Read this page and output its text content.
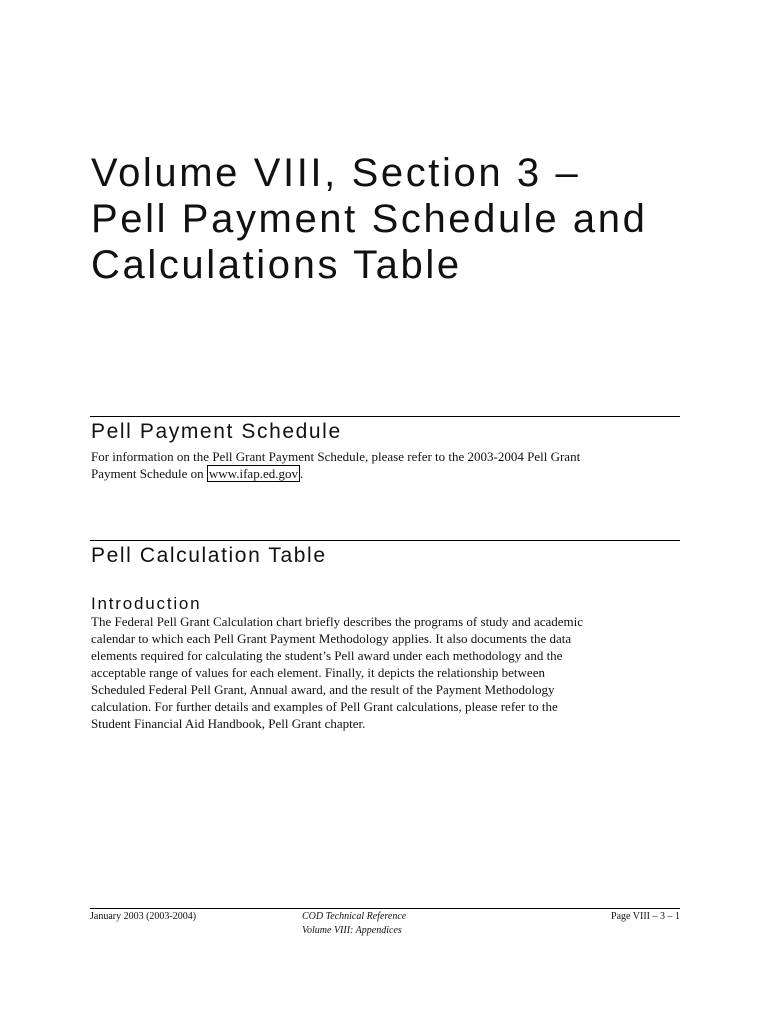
Volume VIII, Section 3 –
Pell Payment Schedule and
Calculations Table
Pell Payment Schedule

For information on the Pell Grant Payment Schedule, please refer to the 2003-2004 Pell Grant
Payment Schedule on www.ifap.ed.gov .

Pell Calculation Table
Introduction

The Federal Pell Grant Calculation chart briefly describes the programs of study and academic
calendar to which each Pell Grant Payment Methodology applies. It also documents the data
elements required for calculating the student’s Pell award under each methodology and the
acceptable range of values for each element. Finally, it depicts the relationship between
Scheduled Federal Pell Grant, Annual award, and the result of the Payment Methodology
calculation. For further details and examples of Pell Grant calculations, please refer to the
Student Financial Aid Handbook, Pell Grant chapter.

January 2003 (2003-2004)	COD Technical Reference
Volume VIII: Appendices
Page VIII – 3 – 1
